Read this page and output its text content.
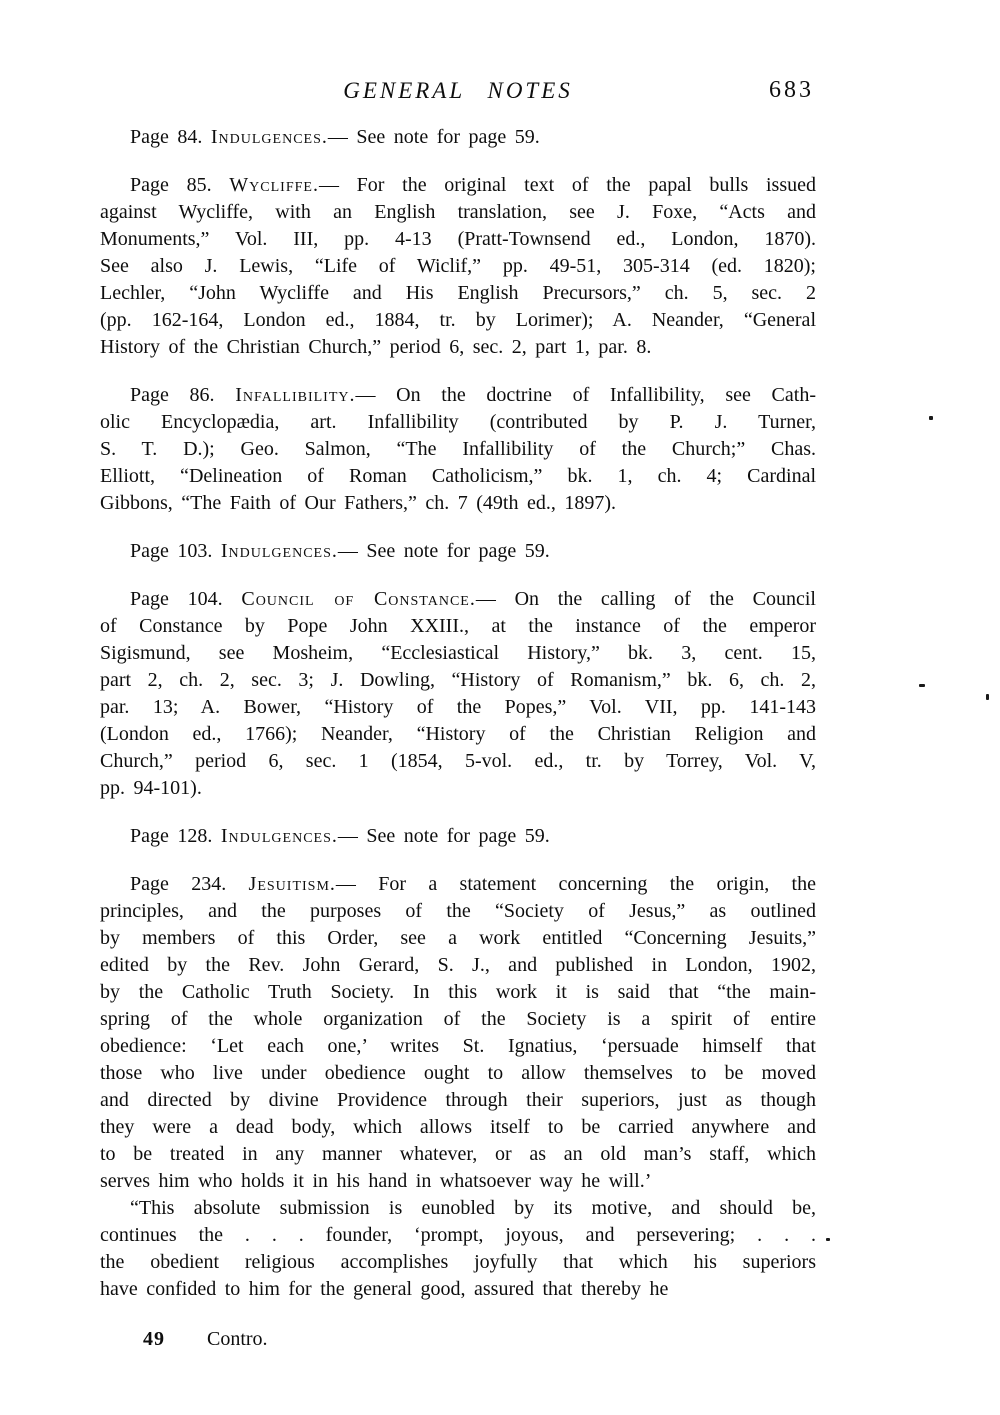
GENERAL NOTES	683
Page 84. Indulgences.— See note for page 59.
Page 85. Wycliffe.— For the original text of the papal bulls issued
against Wycliffe, with an English translation, see J. Foxe, “Acts and
Monuments,” Vol. III, pp. 4-13 (Pratt-Townsend ed., London, 1870).
See also J. Lewis, “Life of Wiclif,” pp. 49-51, 305-314 (ed. 1820);
Lechler, “John Wycliffe and His English Precursors,” ch. 5, sec. 2
(pp. 162-164, London ed., 1884, tr. by Lorimer); A. Neander, “General
History of the Christian Church,” period 6, sec. 2, part 1, par. 8.
Page 86. Infallibility.— On the doctrine of Infallibility, see Cath-
olic Encyclopædia, art. Infallibility (contributed by P. J. Turner,
S. T. D.); Geo. Salmon, “The Infallibility of the Church;” Chas.
Elliott, “Delineation of Roman Catholicism,” bk. 1, ch. 4; Cardinal
Gibbons, “The Faith of Our Fathers,” ch. 7 (49th ed., 1897).
Page 103. Indulgences.— See note for page 59.
Page 104. Council of Constance.— On the calling of the Council
of Constance by Pope John XXIII., at the instance of the emperor
Sigismund, see Mosheim, “Ecclesiastical History,” bk. 3, cent. 15,
part 2, ch. 2, sec. 3; J. Dowling, “History of Romanism,” bk. 6, ch. 2,
par. 13; A. Bower, “History of the Popes,” Vol. VII, pp. 141-143
(London ed., 1766); Neander, “History of the Christian Religion and
Church,” period 6, sec. 1 (1854, 5-vol. ed., tr. by Torrey, Vol. V,
pp. 94-101).
Page 128. Indulgences.— See note for page 59.
Page 234. Jesuitism.— For a statement concerning the origin, the
principles, and the purposes of the “Society of Jesus,” as outlined
by members of this Order, see a work entitled “Concerning Jesuits,”
edited by the Rev. John Gerard, S. J., and published in London, 1902,
by the Catholic Truth Society. In this work it is said that “the main-
spring of the whole organization of the Society is a spirit of entire
obedience: ‘Let each one,’ writes St. Ignatius, ‘persuade himself that
those who live under obedience ought to allow themselves to be moved
and directed by divine Providence through their superiors, just as though
they were a dead body, which allows itself to be carried anywhere and
to be treated in any manner whatever, or as an old man’s staff, which
serves him who holds it in his hand in whatsoever way he will.’
“This absolute submission is eunobled by its motive, and should be,
continues the . . . founder, ‘prompt, joyous, and persevering; . . .
the obedient religious accomplishes joyfully that which his superiors
have confided to him for the general good, assured that thereby he
49 Contro.
